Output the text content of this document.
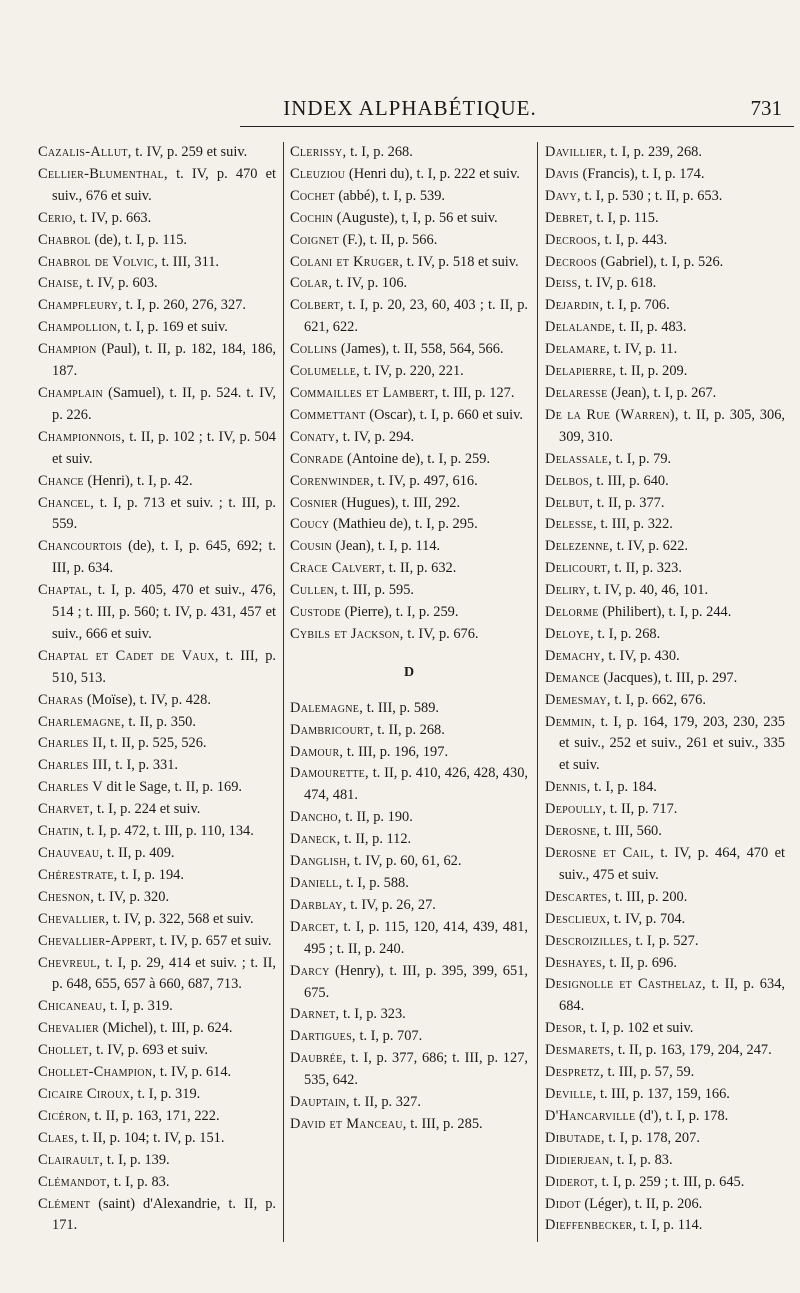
INDEX ALPHABÉTIQUE.	731
Cazalis-Allut, t. IV, p. 259 et suiv.
Cellier-Blumenthal, t. IV, p. 470 et suiv., 676 et suiv.
Cerio, t. IV, p. 663.
Chabrol (de), t. I, p. 115.
Chabrol de Volvic, t. III, 311.
Chaise, t. IV, p. 603.
Champfleury, t. I, p. 260, 276, 327.
Champollion, t. I, p. 169 et suiv.
Champion (Paul), t. II, p. 182, 184, 186, 187.
Champlain (Samuel), t. II, p. 524. t. IV, p. 226.
Championnois, t. II, p. 102 ; t. IV, p. 504 et suiv.
Chance (Henri), t. I, p. 42.
Chancel, t. I, p. 713 et suiv. ; t. III, p. 559.
Chancourtois (de), t. I, p. 645, 692; t. III, p. 634.
Chaptal, t. I, p. 405, 470 et suiv., 476, 514 ; t. III, p. 560; t. IV, p. 431, 457 et suiv., 666 et suiv.
Chaptal et Cadet de Vaux, t. III, p. 510, 513.
Charas (Moïse), t. IV, p. 428.
Charlemagne, t. II, p. 350.
Charles II, t. II, p. 525, 526.
Charles III, t. I, p. 331.
Charles V dit le Sage, t. II, p. 169.
Charvet, t. I, p. 224 et suiv.
Chatin, t. I, p. 472, t. III, p. 110, 134.
Chauveau, t. II, p. 409.
Chérestrate, t. I, p. 194.
Chesnon, t. IV, p. 320.
Chevallier, t. IV, p. 322, 568 et suiv.
Chevallier-Appert, t. IV, p. 657 et suiv.
Chevreul, t. I, p. 29, 414 et suiv. ; t. II, p. 648, 655, 657 à 660, 687, 713.
Chicaneau, t. I, p. 319.
Chevalier (Michel), t. III, p. 624.
Chollet, t. IV, p. 693 et suiv.
Chollet-Champion, t. IV, p. 614.
Cicaire Ciroux, t. I, p. 319.
Cicéron, t. II, p. 163, 171, 222.
Claes, t. II, p. 104; t. IV, p. 151.
Clairault, t. I, p. 139.
Clémandot, t. I, p. 83.
Clément (saint) d'Alexandrie, t. II, p. 171.
Clerissy, t. I, p. 268.
Cleuziou (Henri du), t. I, p. 222 et suiv.
Cochet (abbé), t. I, p. 539.
Cochin (Auguste), t, I, p. 56 et suiv.
Coignet (F.), t. II, p. 566.
Colani et Kruger, t. IV, p. 518 et suiv.
Colar, t. IV, p. 106.
Colbert, t. I, p. 20, 23, 60, 403 ; t. II, p. 621, 622.
Collins (James), t. II, 558, 564, 566.
Columelle, t. IV, p. 220, 221.
Commailles et Lambert, t. III, p. 127.
Commettant (Oscar), t. I, p. 660 et suiv.
Conaty, t. IV, p. 294.
Conrade (Antoine de), t. I, p. 259.
Corenwinder, t. IV, p. 497, 616.
Cosnier (Hugues), t. III, 292.
Coucy (Mathieu de), t. I, p. 295.
Cousin (Jean), t. I, p. 114.
Crace Calvert, t. II, p. 632.
Cullen, t. III, p. 595.
Custode (Pierre), t. I, p. 259.
Cybils et Jackson, t. IV, p. 676.
D
Dalemagne, t. III, p. 589.
Dambricourt, t. II, p. 268.
Damour, t. III, p. 196, 197.
Damourette, t. II, p. 410, 426, 428, 430, 474, 481.
Dancho, t. II, p. 190.
Daneck, t. II, p. 112.
Danglish, t. IV, p. 60, 61, 62.
Daniell, t. I, p. 588.
Darblay, t. IV, p. 26, 27.
Darcet, t. I, p. 115, 120, 414, 439, 481, 495 ; t. II, p. 240.
Darcy (Henry), t. III, p. 395, 399, 651, 675.
Darnet, t. I, p. 323.
Dartigues, t. I, p. 707.
Daubrée, t. I, p. 377, 686; t. III, p. 127, 535, 642.
Dauptain, t. II, p. 327.
David et Manceau, t. III, p. 285.
Davillier, t. I, p. 239, 268.
Davis (Francis), t. I, p. 174.
Davy, t. I, p. 530 ; t. II, p. 653.
Debret, t. I, p. 115.
Decroos, t. I, p. 443.
Decroos (Gabriel), t. I, p. 526.
Deiss, t. IV, p. 618.
Dejardin, t. I, p. 706.
Delalande, t. II, p. 483.
Delamare, t. IV, p. 11.
Delapierre, t. II, p. 209.
Delaresse (Jean), t. I, p. 267.
De la Rue (Warren), t. II, p. 305, 306, 309, 310.
Delassale, t. I, p. 79.
Delbos, t. III, p. 640.
Delbut, t. II, p. 377.
Delesse, t. III, p. 322.
Delezenne, t. IV, p. 622.
Delicourt, t. II, p. 323.
Deliry, t. IV, p. 40, 46, 101.
Delorme (Philibert), t. I, p. 244.
Deloye, t. I, p. 268.
Demachy, t. IV, p. 430.
Demance (Jacques), t. III, p. 297.
Demesmay, t. I, p. 662, 676.
Demmin, t. I, p. 164, 179, 203, 230, 235 et suiv., 252 et suiv., 261 et suiv., 335 et suiv.
Dennis, t. I, p. 184.
Depoully, t. II, p. 717.
Derosne, t. III, 560.
Derosne et Cail, t. IV, p. 464, 470 et suiv., 475 et suiv.
Descartes, t. III, p. 200.
Desclieux, t. IV, p. 704.
Descroizilles, t. I, p. 527.
Deshayes, t. II, p. 696.
Designolle et Casthelaz, t. II, p. 634, 684.
Desor, t. I, p. 102 et suiv.
Desmarets, t. II, p. 163, 179, 204, 247.
Despretz, t. III, p. 57, 59.
Deville, t. III, p. 137, 159, 166.
D'Hancarville (d'), t. I, p. 178.
Dibutade, t. I, p. 178, 207.
Didierjean, t. I, p. 83.
Diderot, t. I, p. 259 ; t. III, p. 645.
Didot (Léger), t. II, p. 206.
Dieffenbecker, t. I, p. 114.
